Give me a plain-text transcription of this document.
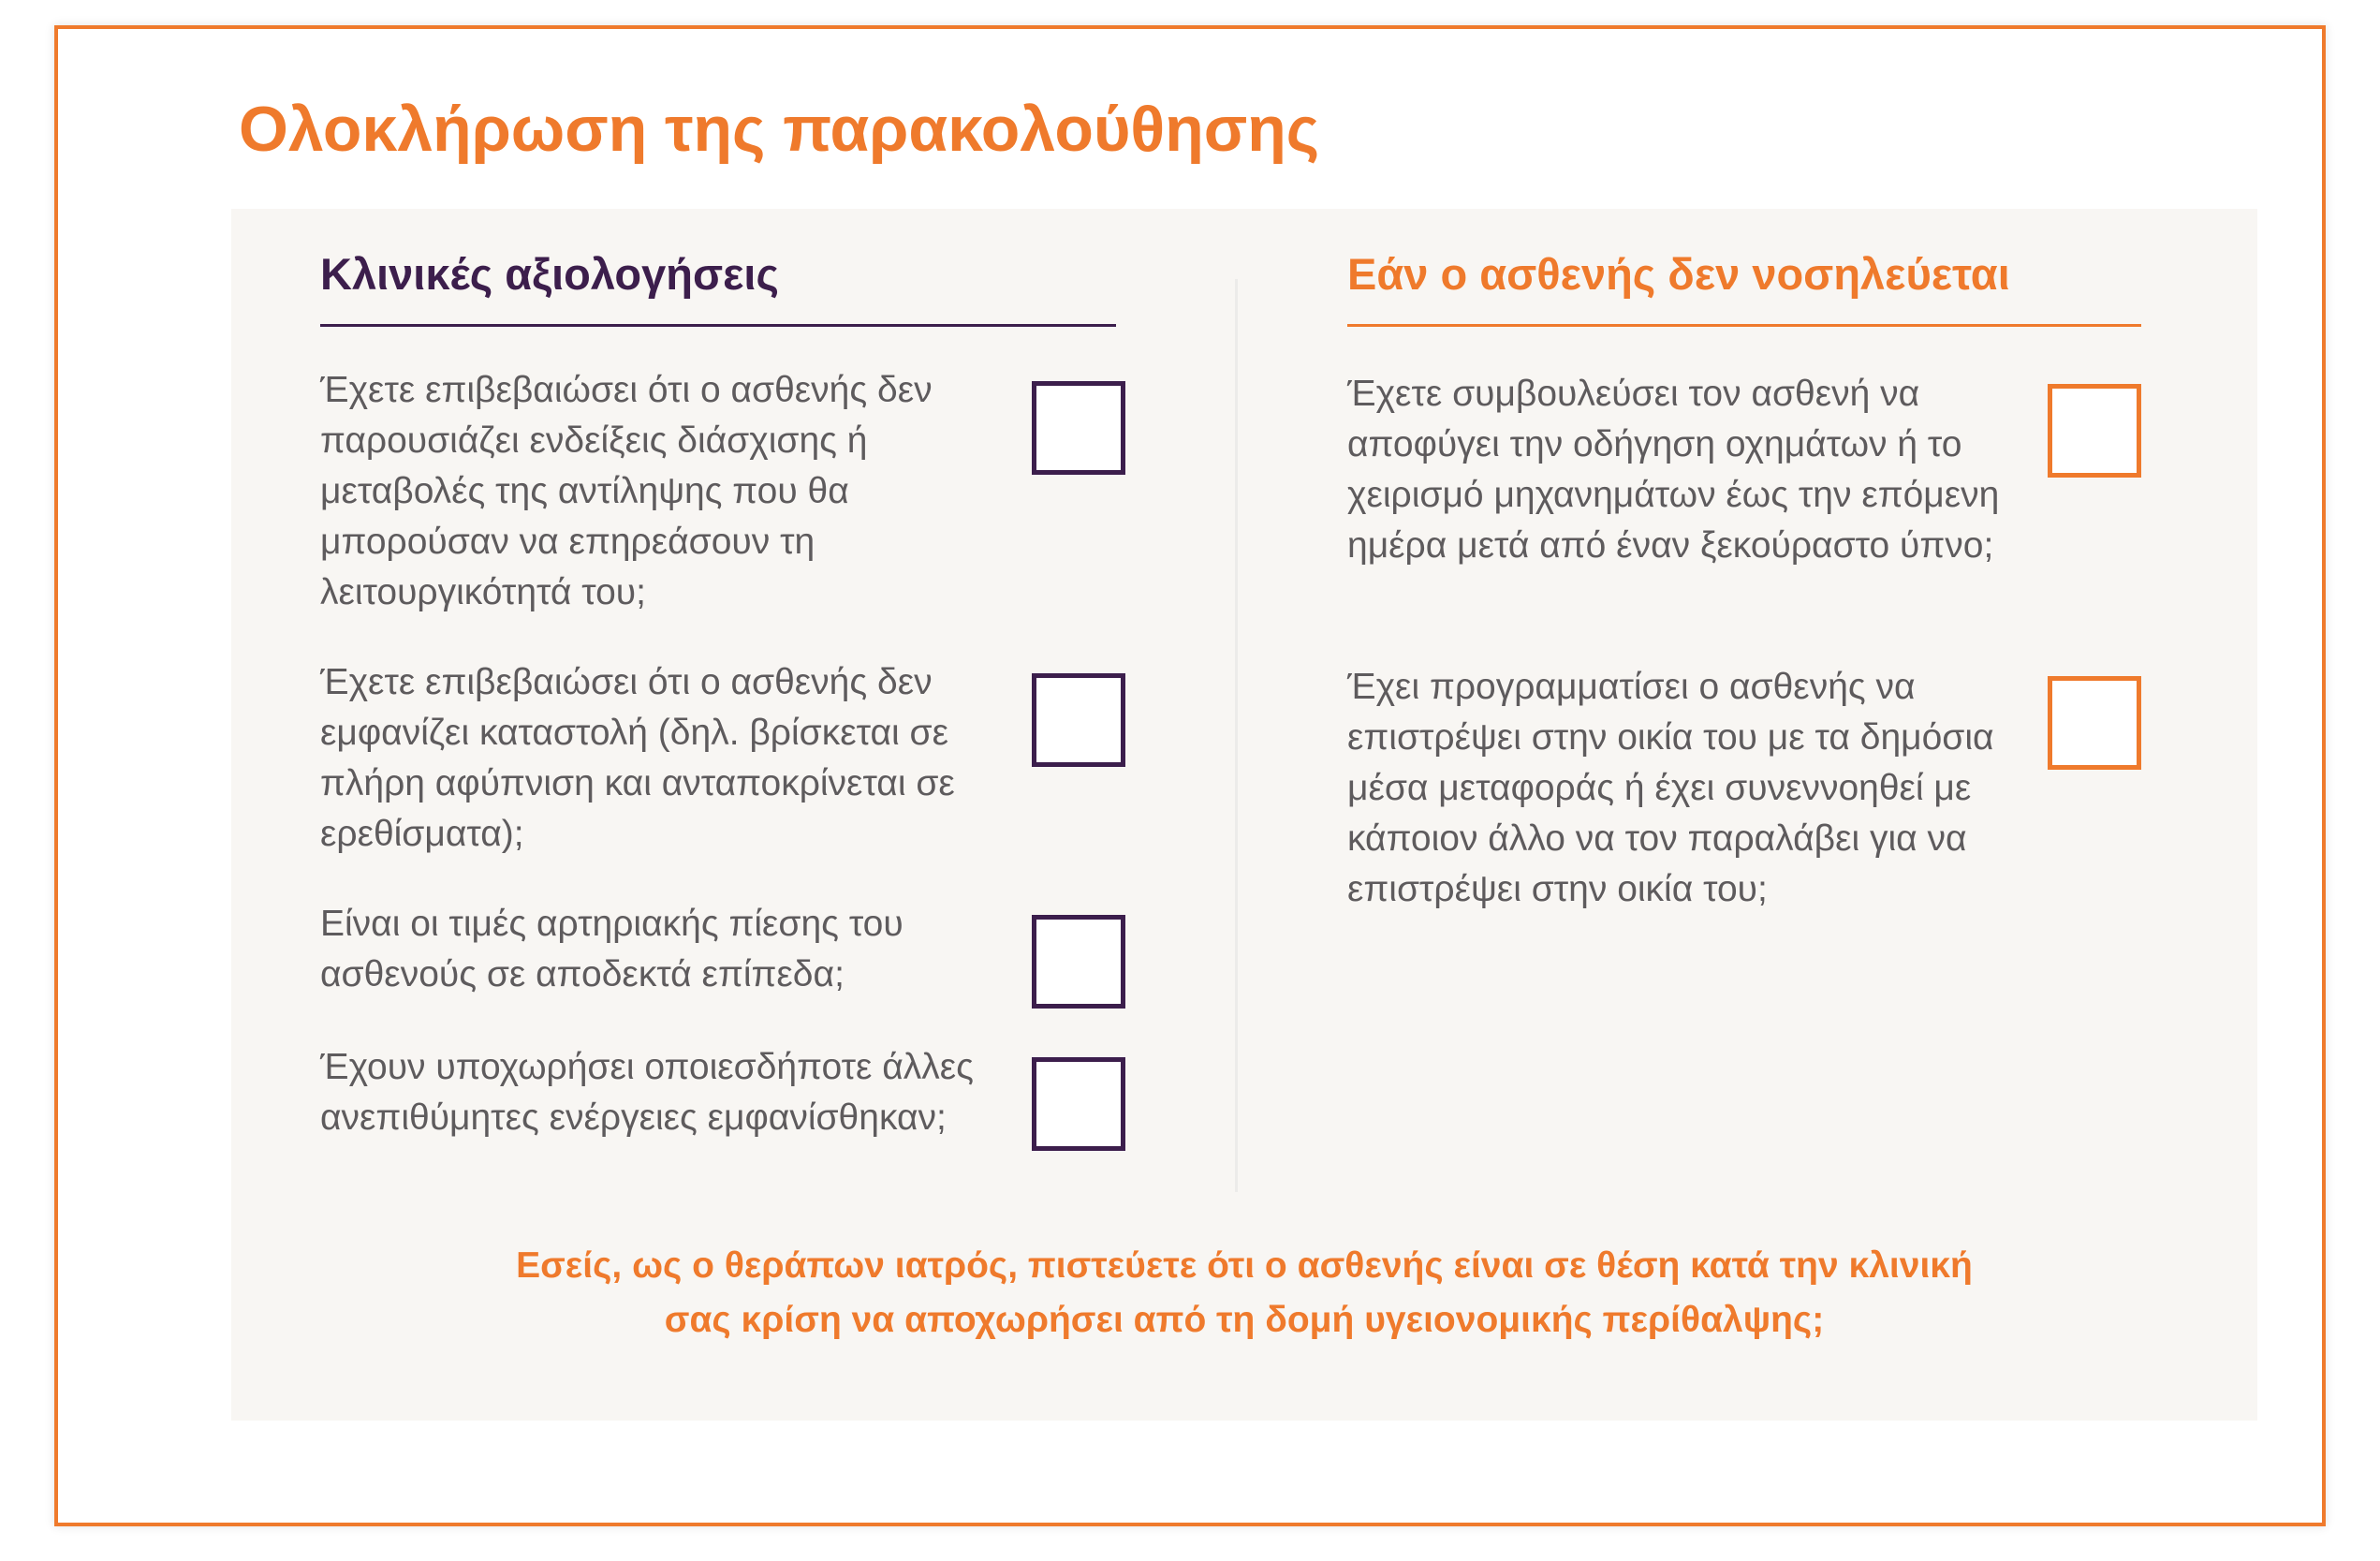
Ολοκλήρωση της παρακολούθησης
Κλινικές αξιολογήσεις

Έχετε επιβεβαιώσει ότι ο ασθενής δεν παρουσιάζει ενδείξεις διάσχισης ή μεταβολές της αντίληψης που θα μπορούσαν να επηρεάσουν τη λειτουργικότητά του;

Έχετε επιβεβαιώσει ότι ο ασθενής δεν εμφανίζει καταστολή (δηλ. βρίσκεται σε πλήρη αφύπνιση και ανταποκρίνεται σε ερεθίσματα);

Είναι οι τιμές αρτηριακής πίεσης του ασθενούς σε αποδεκτά επίπεδα;

Έχουν υποχωρήσει οποιεσδήποτε άλλες ανεπιθύμητες ενέργειες εμφανίσθηκαν;

Εάν ο ασθενής δεν νοσηλεύεται

Έχετε συμβουλεύσει τον ασθενή να αποφύγει την οδήγηση οχημάτων ή το χειρισμό μηχανημάτων έως την επόμενη ημέρα μετά από έναν ξεκούραστο ύπνο;

Έχει προγραμματίσει ο ασθενής να επιστρέψει στην οικία του με τα δημόσια μέσα μεταφοράς ή έχει συνεννοηθεί με κάποιον άλλο να τον παραλάβει για να επιστρέψει στην οικία του;

Εσείς, ως ο θεράπων ιατρός, πιστεύετε ότι ο ασθενής είναι σε θέση κατά την κλινική
σας κρίση να αποχωρήσει από τη δομή υγειονομικής περίθαλψης;
